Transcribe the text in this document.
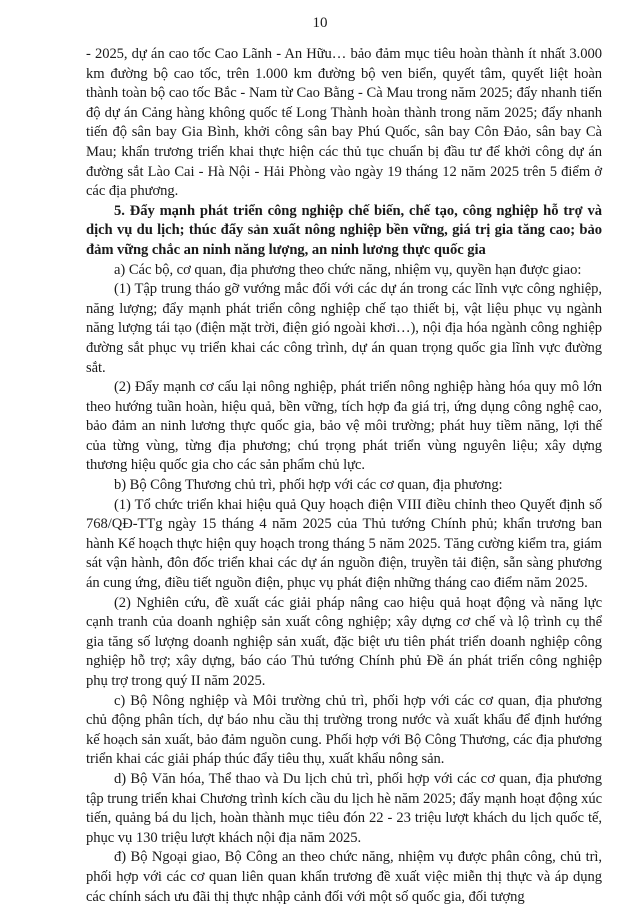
10

- 2025, dự án cao tốc Cao Lãnh - An Hữu… bảo đảm mục tiêu hoàn thành ít nhất 3.000 km đường bộ cao tốc, trên 1.000 km đường bộ ven biển, quyết tâm, quyết liệt hoàn thành toàn bộ cao tốc Bắc - Nam từ Cao Bằng - Cà Mau trong năm 2025; đẩy nhanh tiến độ dự án Cảng hàng không quốc tế Long Thành hoàn thành trong năm 2025; đẩy nhanh tiến độ sân bay Gia Bình, khởi công sân bay Phú Quốc, sân bay Côn Đảo, sân bay Cà Mau; khẩn trương triển khai thực hiện các thủ tục chuẩn bị đầu tư để khởi công dự án đường sắt Lào Cai - Hà Nội - Hải Phòng vào ngày 19 tháng 12 năm 2025 trên 5 điểm ở các địa phương.

5. Đẩy mạnh phát triển công nghiệp chế biến, chế tạo, công nghiệp hỗ trợ và dịch vụ du lịch; thúc đẩy sản xuất nông nghiệp bền vững, giá trị gia tăng cao; bảo đảm vững chắc an ninh năng lượng, an ninh lương thực quốc gia

a) Các bộ, cơ quan, địa phương theo chức năng, nhiệm vụ, quyền hạn được giao:

(1) Tập trung tháo gỡ vướng mắc đối với các dự án trong các lĩnh vực công nghiệp, năng lượng; đẩy mạnh phát triển công nghiệp chế tạo thiết bị, vật liệu phục vụ ngành năng lượng tái tạo (điện mặt trời, điện gió ngoài khơi…), nội địa hóa ngành công nghiệp đường sắt phục vụ triển khai các công trình, dự án quan trọng quốc gia lĩnh vực đường sắt.

(2) Đẩy mạnh cơ cấu lại nông nghiệp, phát triển nông nghiệp hàng hóa quy mô lớn theo hướng tuần hoàn, hiệu quả, bền vững, tích hợp đa giá trị, ứng dụng công nghệ cao, bảo đảm an ninh lương thực quốc gia, bảo vệ môi trường; phát huy tiềm năng, lợi thế của từng vùng, từng địa phương; chú trọng phát triển vùng nguyên liệu; xây dựng thương hiệu quốc gia cho các sản phẩm chủ lực.

b) Bộ Công Thương chủ trì, phối hợp với các cơ quan, địa phương:

(1) Tổ chức triển khai hiệu quả Quy hoạch điện VIII điều chỉnh theo Quyết định số 768/QĐ-TTg ngày 15 tháng 4 năm 2025 của Thủ tướng Chính phủ; khẩn trương ban hành Kế hoạch thực hiện quy hoạch trong tháng 5 năm 2025. Tăng cường kiểm tra, giám sát vận hành, đôn đốc triển khai các dự án nguồn điện, truyền tải điện, sẵn sàng phương án cung ứng, điều tiết nguồn điện, phục vụ phát điện những tháng cao điểm năm 2025.

(2) Nghiên cứu, đề xuất các giải pháp nâng cao hiệu quả hoạt động và năng lực cạnh tranh của doanh nghiệp sản xuất công nghiệp; xây dựng cơ chế và lộ trình cụ thể gia tăng số lượng doanh nghiệp sản xuất, đặc biệt ưu tiên phát triển doanh nghiệp công nghiệp hỗ trợ; xây dựng, báo cáo Thủ tướng Chính phủ Đề án phát triển công nghiệp phụ trợ trong quý II năm 2025.

c) Bộ Nông nghiệp và Môi trường chủ trì, phối hợp với các cơ quan, địa phương chủ động phân tích, dự báo nhu cầu thị trường trong nước và xuất khẩu để định hướng kế hoạch sản xuất, bảo đảm nguồn cung. Phối hợp với Bộ Công Thương, các địa phương triển khai các giải pháp thúc đẩy tiêu thụ, xuất khẩu nông sản.

d) Bộ Văn hóa, Thể thao và Du lịch chủ trì, phối hợp với các cơ quan, địa phương tập trung triển khai Chương trình kích cầu du lịch hè năm 2025; đẩy mạnh hoạt động xúc tiến, quảng bá du lịch, hoàn thành mục tiêu đón 22 - 23 triệu lượt khách du lịch quốc tế, phục vụ 130 triệu lượt khách nội địa năm 2025.

đ) Bộ Ngoại giao, Bộ Công an theo chức năng, nhiệm vụ được phân công, chủ trì, phối hợp với các cơ quan liên quan khẩn trương đề xuất việc miễn thị thực và áp dụng các chính sách ưu đãi thị thực nhập cảnh đối với một số quốc gia, đối tượng
